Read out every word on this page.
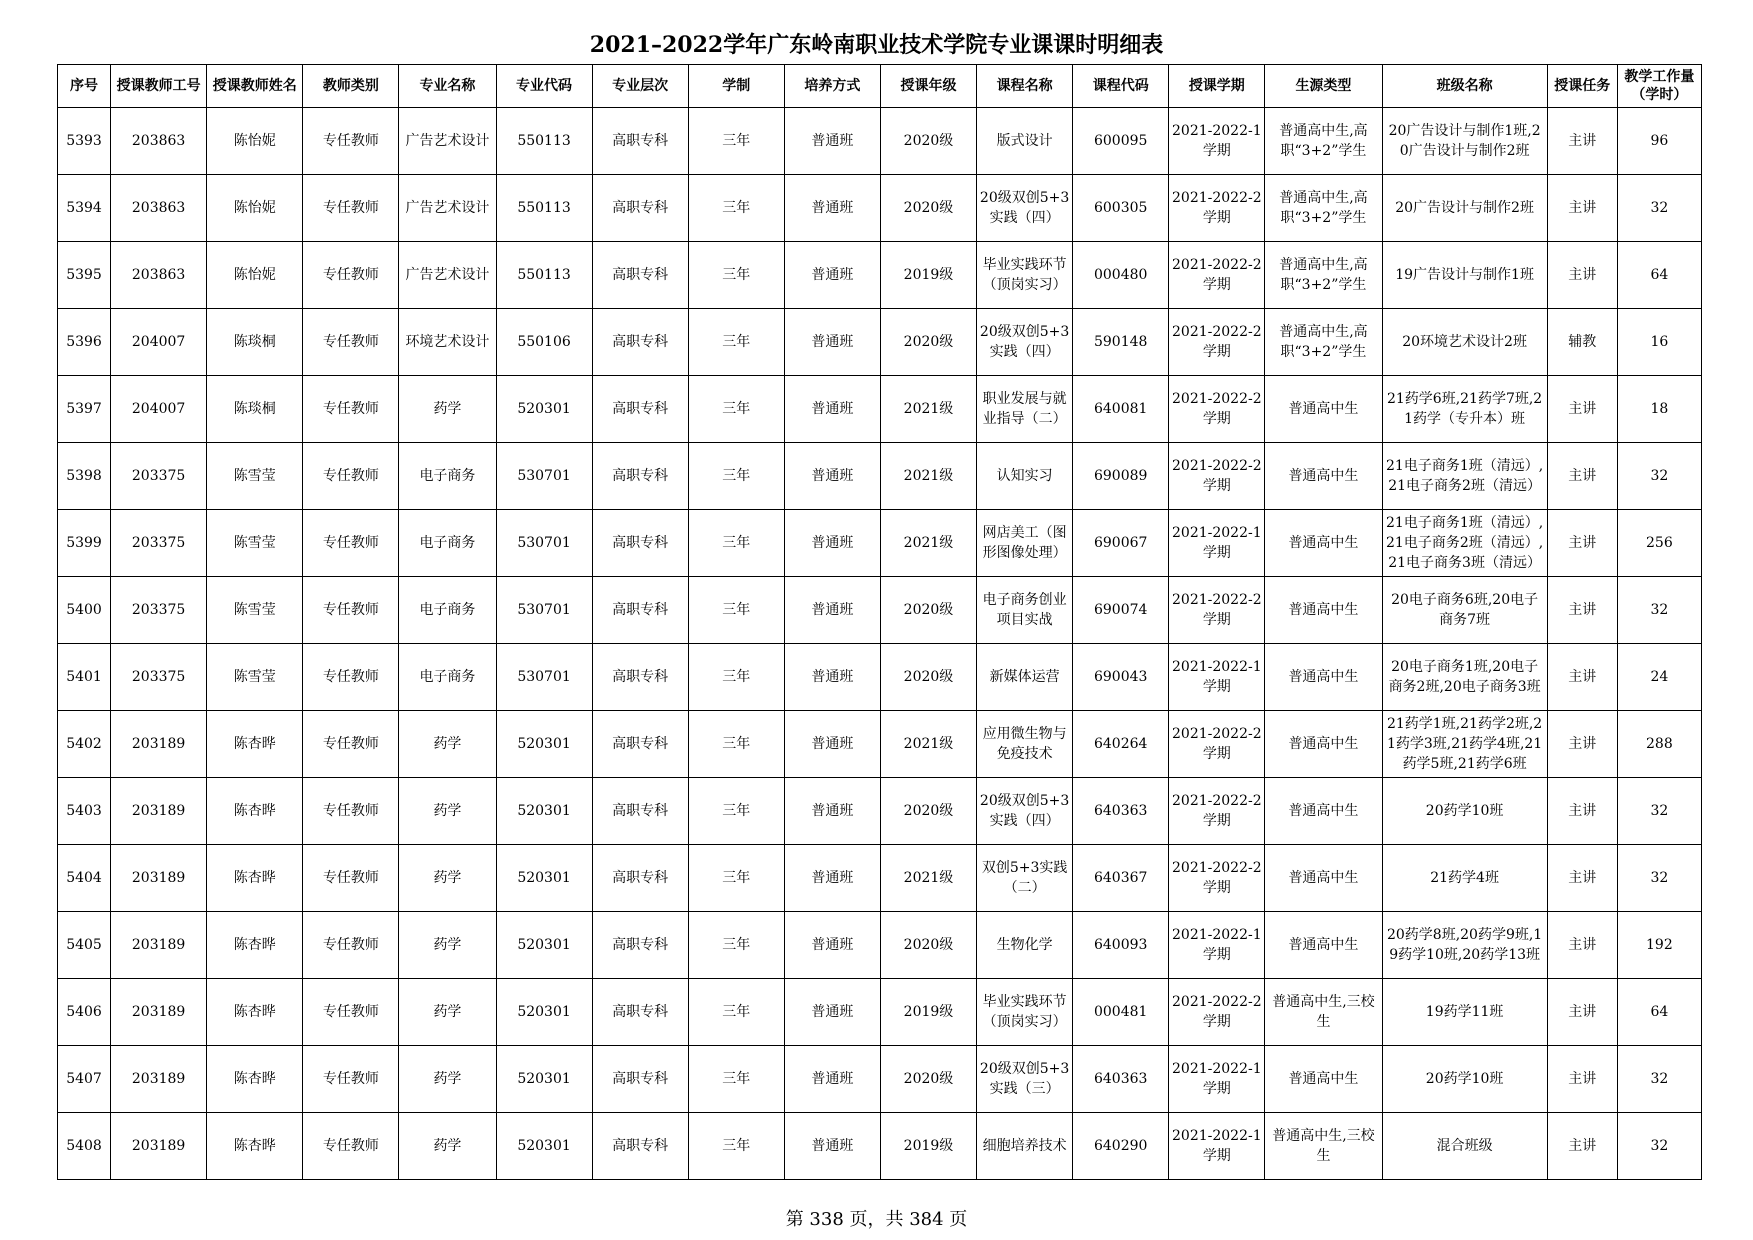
2021–2022学年广东岭南职业技术学院专业课课时明细表
序号	授课教师工号	授课教师姓名	教师类别	专业名称	专业代码	专业层次	学制	培养方式	授课年级	课程名称	课程代码	授课学期	生源类型	班级名称	授课任务	教学工作量（学时）

5393	203863	陈怡妮	专任教师	广告艺术设计	550113	高职专科	三年	普通班	2020级	版式设计	600095	2021-2022-1学期	普通高中生,高职“3+2”学生	20广告设计与制作1班,20广告设计与制作2班	主讲	96

5394	203863	陈怡妮	专任教师	广告艺术设计	550113	高职专科	三年	普通班	2020级	20级双创5+3实践（四）	600305	2021-2022-2学期	普通高中生,高职“3+2”学生	20广告设计与制作2班	主讲	32

5395	203863	陈怡妮	专任教师	广告艺术设计	550113	高职专科	三年	普通班	2019级	毕业实践环节（顶岗实习）	000480	2021-2022-2学期	普通高中生,高职“3+2”学生	19广告设计与制作1班	主讲	64

5396	204007	陈琰桐	专任教师	环境艺术设计	550106	高职专科	三年	普通班	2020级	20级双创5+3实践（四）	590148	2021-2022-2学期	普通高中生,高职“3+2”学生	20环境艺术设计2班	辅教	16

5397	204007	陈琰桐	专任教师	药学	520301	高职专科	三年	普通班	2021级	职业发展与就业指导（二）	640081	2021-2022-2学期	普通高中生	21药学6班,21药学7班,21药学（专升本）班	主讲	18

5398	203375	陈雪莹	专任教师	电子商务	530701	高职专科	三年	普通班	2021级	认知实习	690089	2021-2022-2学期	普通高中生	21电子商务1班（清远）,21电子商务2班（清远）	主讲	32

5399	203375	陈雪莹	专任教师	电子商务	530701	高职专科	三年	普通班	2021级	网店美工（图形图像处理）	690067	2021-2022-1学期	普通高中生	21电子商务1班（清远）,21电子商务2班（清远）,21电子商务3班（清远）	主讲	256

5400	203375	陈雪莹	专任教师	电子商务	530701	高职专科	三年	普通班	2020级	电子商务创业项目实战	690074	2021-2022-2学期	普通高中生	20电子商务6班,20电子商务7班	主讲	32

5401	203375	陈雪莹	专任教师	电子商务	530701	高职专科	三年	普通班	2020级	新媒体运营	690043	2021-2022-1学期	普通高中生	20电子商务1班,20电子商务2班,20电子商务3班	主讲	24

5402	203189	陈杏晔	专任教师	药学	520301	高职专科	三年	普通班	2021级	应用微生物与免疫技术	640264	2021-2022-2学期	普通高中生	21药学1班,21药学2班,21药学3班,21药学4班,21药学5班,21药学6班	主讲	288

5403	203189	陈杏晔	专任教师	药学	520301	高职专科	三年	普通班	2020级	20级双创5+3实践（四）	640363	2021-2022-2学期	普通高中生	20药学10班	主讲	32

5404	203189	陈杏晔	专任教师	药学	520301	高职专科	三年	普通班	2021级	双创5+3实践（二）	640367	2021-2022-2学期	普通高中生	21药学4班	主讲	32

5405	203189	陈杏晔	专任教师	药学	520301	高职专科	三年	普通班	2020级	生物化学	640093	2021-2022-1学期	普通高中生	20药学8班,20药学9班,19药学10班,20药学13班	主讲	192

5406	203189	陈杏晔	专任教师	药学	520301	高职专科	三年	普通班	2019级	毕业实践环节（顶岗实习）	000481	2021-2022-2学期	普通高中生,三校生	19药学11班	主讲	64

5407	203189	陈杏晔	专任教师	药学	520301	高职专科	三年	普通班	2020级	20级双创5+3实践（三）	640363	2021-2022-1学期	普通高中生	20药学10班	主讲	32

5408	203189	陈杏晔	专任教师	药学	520301	高职专科	三年	普通班	2019级	细胞培养技术	640290	2021-2022-1学期	普通高中生,三校生	混合班级	主讲	32
第 338 页，共 384 页
